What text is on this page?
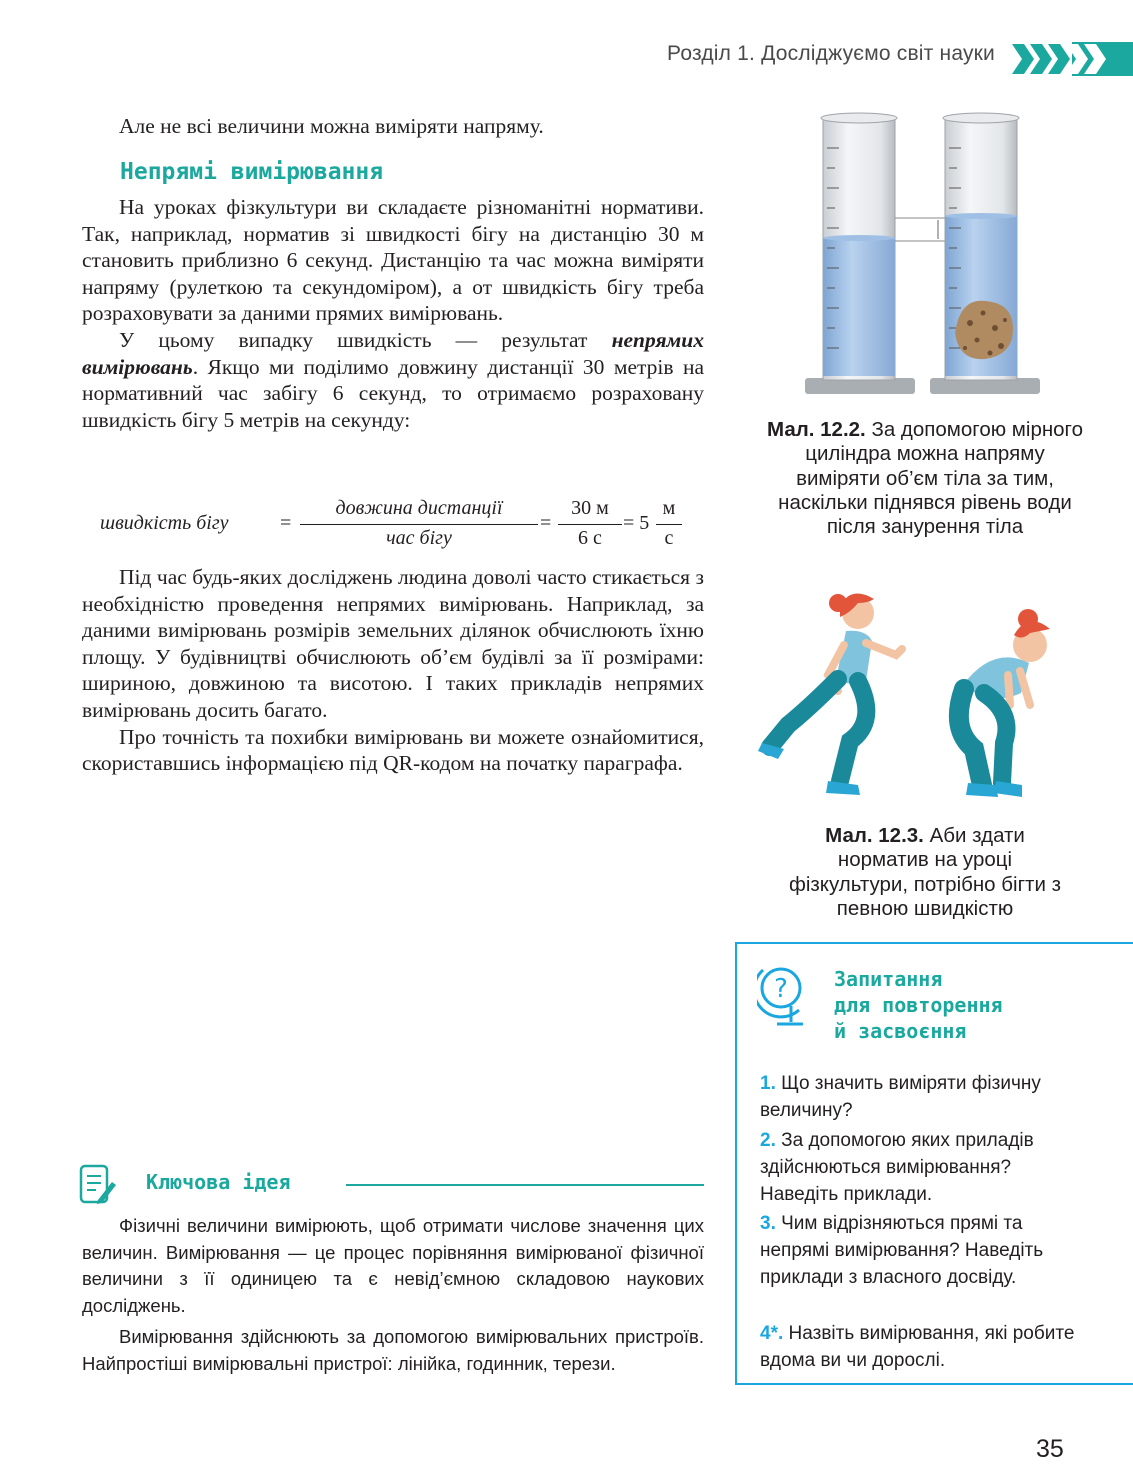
Розділ 1. Досліджуємо світ науки

Але не всі величини можна виміряти напряму.

Непрямі вимірювання

На уроках фізкультури ви складаєте різноманітні нормативи. Так, наприклад, норматив зі швидкості бігу на дистанцію 30 м становить приблизно 6 секунд. Дистанцію та час можна виміряти напряму (рулеткою та секундоміром), а от швидкість бігу треба розраховувати за даними прямих вимірювань.

У цьому випадку швидкість — результат непрямих вимірювань. Якщо ми поділимо довжину дистанції 30 метрів на нормативний час забігу 6 секунд, то отримаємо розраховану швидкість бігу 5 метрів на секунду:

швидкість бігу	=
довжина дистанції
час бігу
=
30 м
6 с
= 5
м
с

Під час будь-яких досліджень людина доволі часто стикається з необхідністю проведення непрямих вимірювань. Наприклад, за даними вимірювань розмірів земельних ділянок обчислюють їхню площу. У будівництві обчислюють об’єм будівлі за її розмірами: шириною, довжиною та висотою. І таких прикладів непрямих вимірювань досить багато.

Про точність та похибки вимірювань ви можете ознайомитися, скориставшись інформацією під QR-кодом на початку параграфа.

Мал. 12.2. За допомогою мірного циліндра можна напряму виміряти об’єм тіла за тим, наскільки піднявся рівень води після занурення тіла
Мал. 12.3. Аби здати норматив на уроці фізкультури, потрібно бігти з певною швидкістю
Ключова ідея

Фізичні величини вимірюють, щоб отримати числове значення цих величин. Вимірювання — це процес порівняння вимірюваної фізичної величини з її одиницею та є невід’ємною складовою наукових досліджень.

Вимірювання здійснюють за допомогою вимірювальних пристроїв. Найпростіші вимірювальні пристрої: лінійка, годинник, терези.

? Запитання
для повторення
й засвоєння
1. Що значить виміряти фізичну величину?
2. За допомогою яких приладів здійснюються вимірювання? Наведіть приклади.
3. Чим відрізняються прямі та непрямі вимірювання? Наведіть приклади з власного досвіду.
4*. Назвіть вимірювання, які робите вдома ви чи дорослі.
35
